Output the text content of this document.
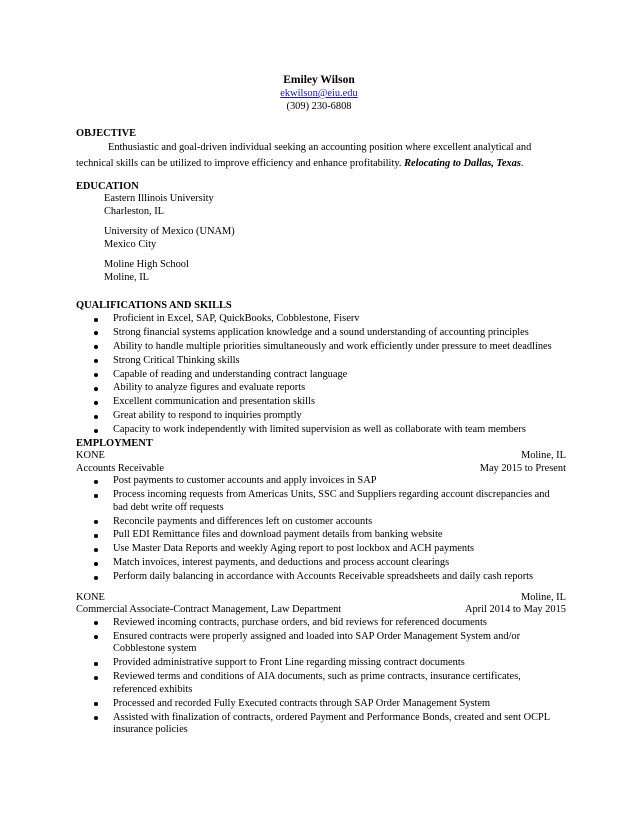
Emiley Wilson
ekwilson@eiu.edu
(309) 230-6808
OBJECTIVE
Enthusiastic and goal-driven individual seeking an accounting position where excellent analytical and technical skills can be utilized to improve efficiency and enhance profitability. Relocating to Dallas, Texas.
EDUCATION
Eastern Illinois University
Charleston, IL
University of Mexico (UNAM)
Mexico City
Moline High School
Moline, IL
QUALIFICATIONS AND SKILLS
Proficient in Excel, SAP, QuickBooks, Cobblestone, Fiserv
Strong financial systems application knowledge and a sound understanding of accounting principles
Ability to handle multiple priorities simultaneously and work efficiently under pressure to meet deadlines
Strong Critical Thinking skills
Capable of reading and understanding contract language
Ability to analyze figures and evaluate reports
Excellent communication and presentation skills
Great ability to respond to inquiries promptly
Capacity to work independently with limited supervision as well as collaborate with team members
EMPLOYMENT
KONE	Moline, IL
Accounts Receivable	May 2015 to Present
Post payments to customer accounts and apply invoices in SAP
Process incoming requests from Americas Units, SSC and Suppliers regarding account discrepancies and bad debt write off requests
Reconcile payments and differences left on customer accounts
Pull EDI Remittance files and download payment details from banking website
Use Master Data Reports and weekly Aging report to post lockbox and ACH payments
Match invoices, interest payments, and deductions and process account clearings
Perform daily balancing in accordance with Accounts Receivable spreadsheets and daily cash reports
KONE	Moline, IL
Commercial Associate-Contract Management, Law Department	April 2014 to May 2015
Reviewed incoming contracts, purchase orders, and bid reviews for referenced documents
Ensured contracts were properly assigned and loaded into SAP Order Management System and/or Cobblestone system
Provided administrative support to Front Line regarding missing contract documents
Reviewed terms and conditions of AIA documents, such as prime contracts, insurance certificates, referenced exhibits
Processed and recorded Fully Executed contracts through SAP Order Management System
Assisted with finalization of contracts, ordered Payment and Performance Bonds, created and sent OCPL insurance policies
